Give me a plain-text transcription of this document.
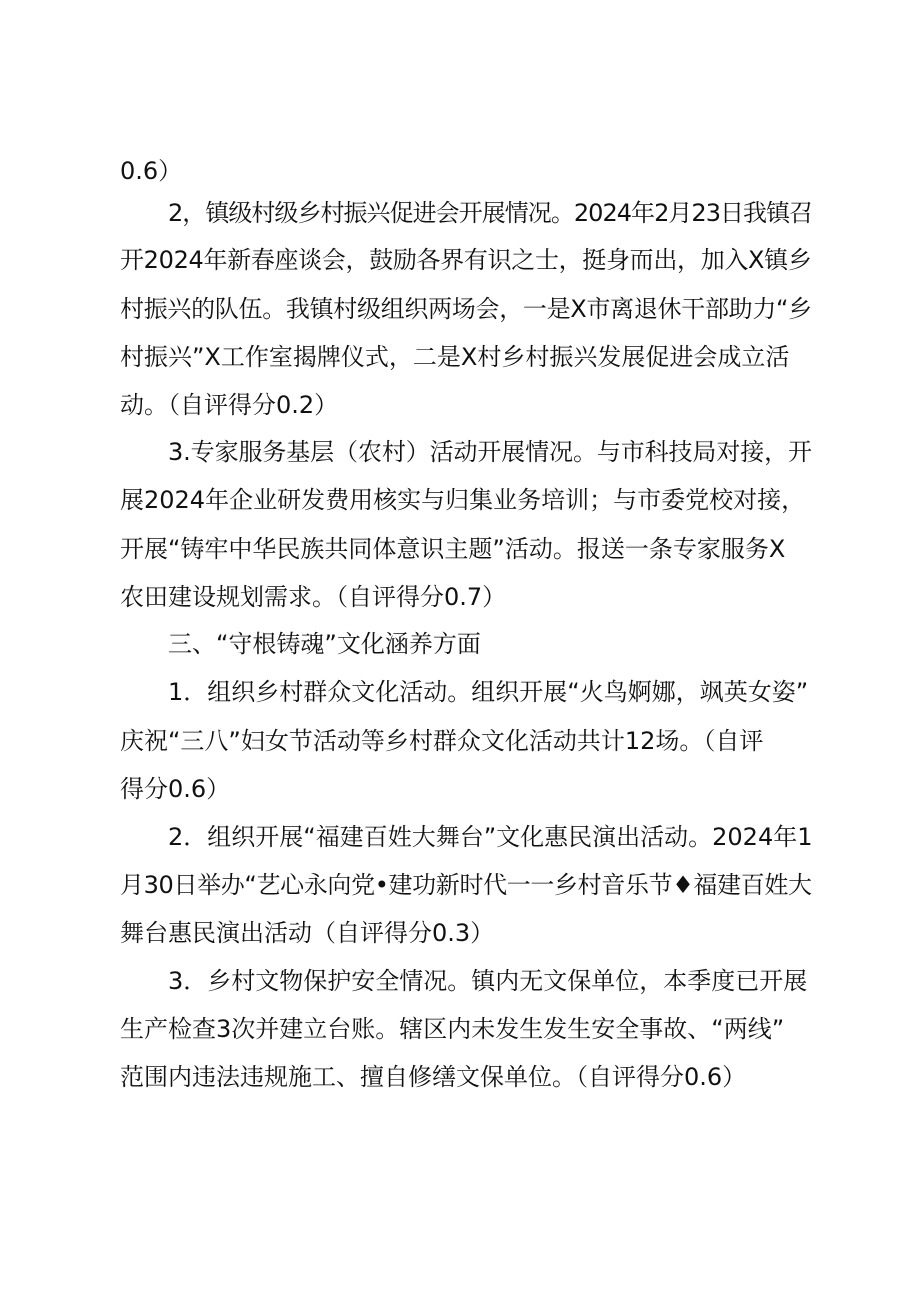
0.6）
2，镇级村级乡村振兴促进会开展情况。2024年2月23日我镇召
开2024年新春座谈会，鼓励各界有识之士，挺身而出，加入X镇乡
村振兴的队伍。我镇村级组织两场会，一是X市离退休干部助力“乡
村振兴”X工作室揭牌仪式，二是X村乡村振兴发展促进会成立活
动。（自评得分0.2）
3.专家服务基层（农村）活动开展情况。与市科技局对接，开
展2024年企业研发费用核实与归集业务培训；与市委党校对接，
开展“铸牢中华民族共同体意识主题”活动。报送一条专家服务X
农田建设规划需求。（自评得分0.7）
三、“守根铸魂”文化涵养方面
1．组织乡村群众文化活动。组织开展“火鸟婀娜，飒英女姿”
庆祝“三八”妇女节活动等乡村群众文化活动共计12场。（自评
得分0.6）
2．组织开展“福建百姓大舞台”文化惠民演出活动。2024年1
月30日举办“艺心永向党•建功新时代一一乡村音乐节♦福建百姓大
舞台惠民演出活动（自评得分0.3）
3．乡村文物保护安全情况。镇内无文保单位，本季度已开展
生产检查3次并建立台账。辖区内未发生发生安全事故、“两线”
范围内违法违规施工、擅自修缮文保单位。（自评得分0.6）
